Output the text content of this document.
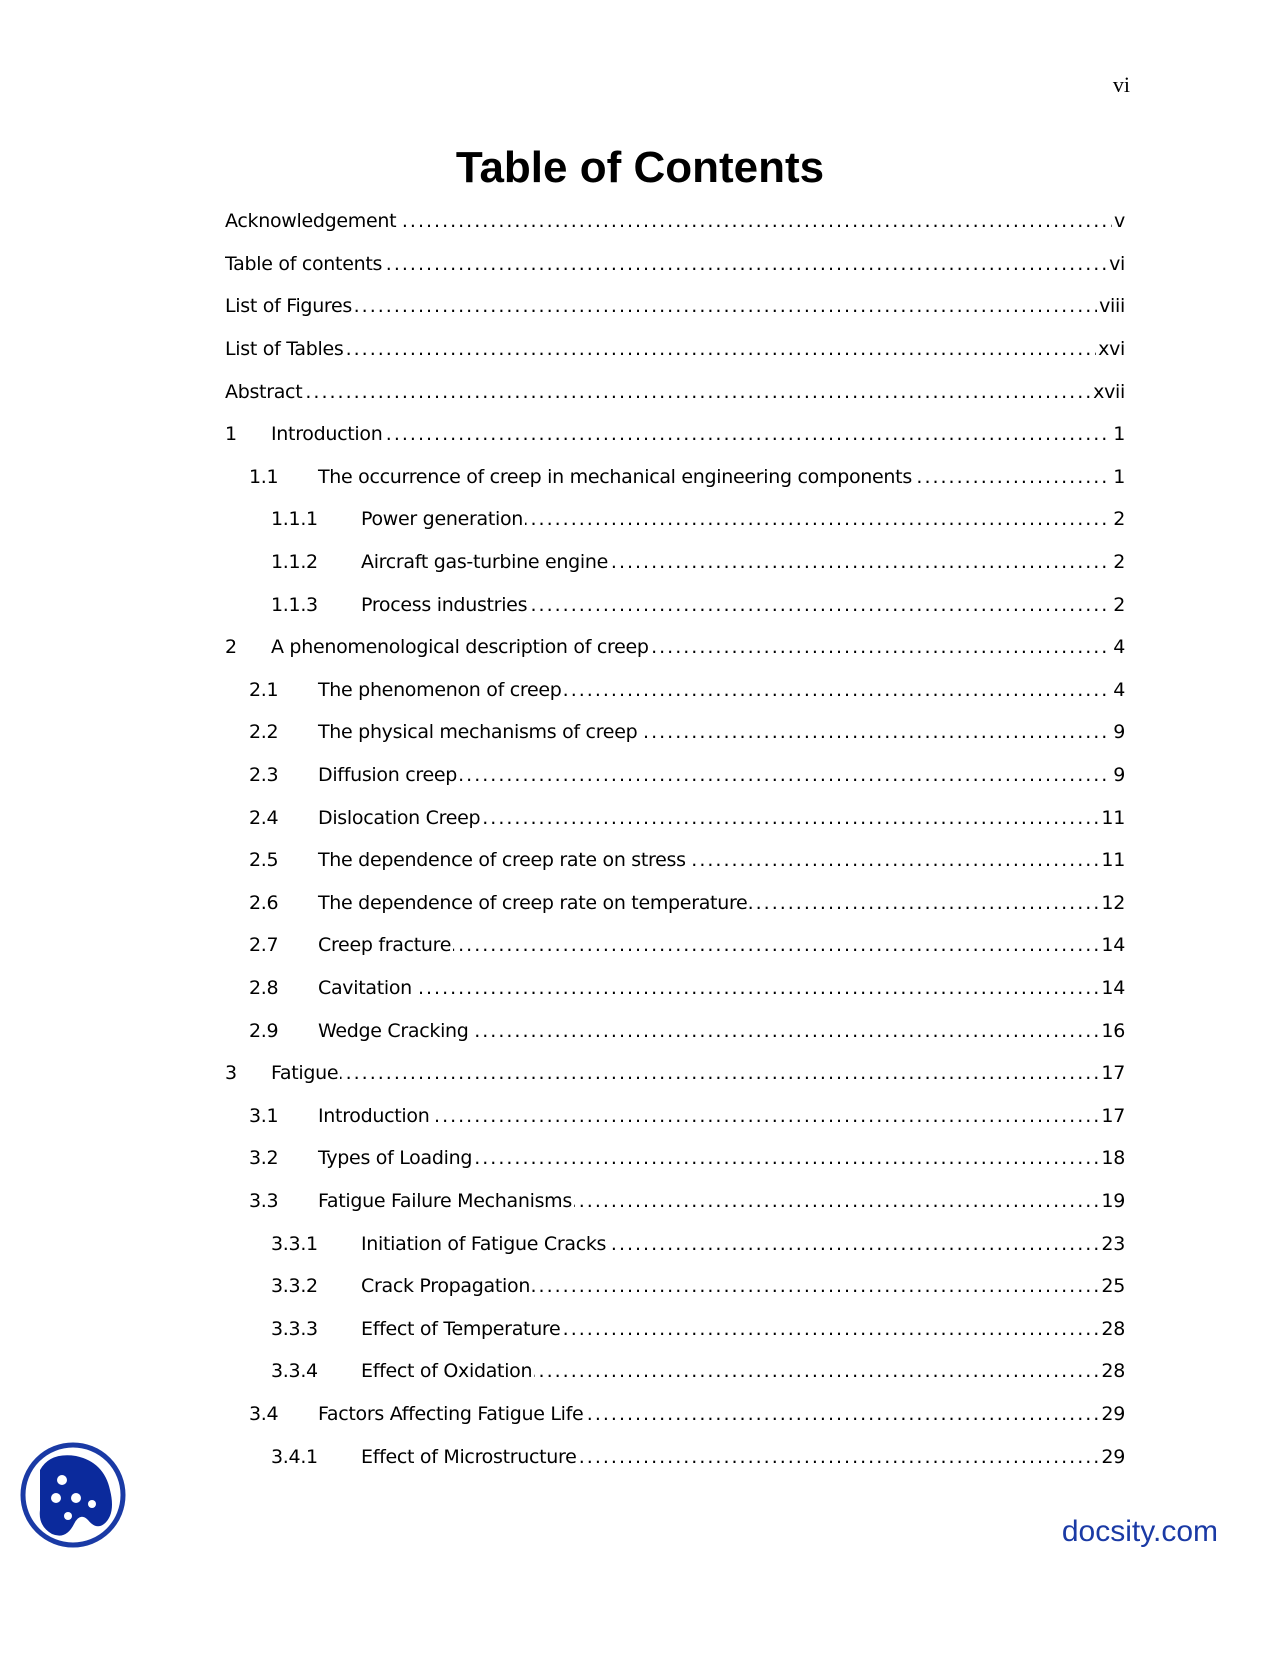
vi
Table of Contents
..... Acknowledgement	v
..... Table of contents	vi
..... List of Figures	viii
..... List of Tables	xvi
..... Abstract	xvii
..... 1	Introduction	1
..... 1.1	The occurrence of creep in mechanical engineering components	1
..... 1.1.1	Power generation	2
..... 1.1.2	Aircraft gas-turbine engine	2
..... 1.1.3	Process industries	2
..... 2	A phenomenological description of creep	4
..... 2.1	The phenomenon of creep	4
..... 2.2	The physical mechanisms of creep	9
..... 2.3	Diffusion creep	9
..... 2.4	Dislocation Creep	11
..... 2.5	The dependence of creep rate on stress	11
..... 2.6	The dependence of creep rate on temperature	12
..... 2.7	Creep fracture	14
..... 2.8	Cavitation	14
..... 2.9	Wedge Cracking	16
..... 3	Fatigue	17
..... 3.1	Introduction	17
..... 3.2	Types of Loading	18
..... 3.3	Fatigue Failure Mechanisms	19
..... 3.3.1	Initiation of Fatigue Cracks	23
..... 3.3.2	Crack Propagation	25
..... 3.3.3	Effect of Temperature	28
..... 3.3.4	Effect of Oxidation	28
..... 3.4	Factors Affecting Fatigue Life	29
..... 3.4.1	Effect of Microstructure	29
docsity.com
